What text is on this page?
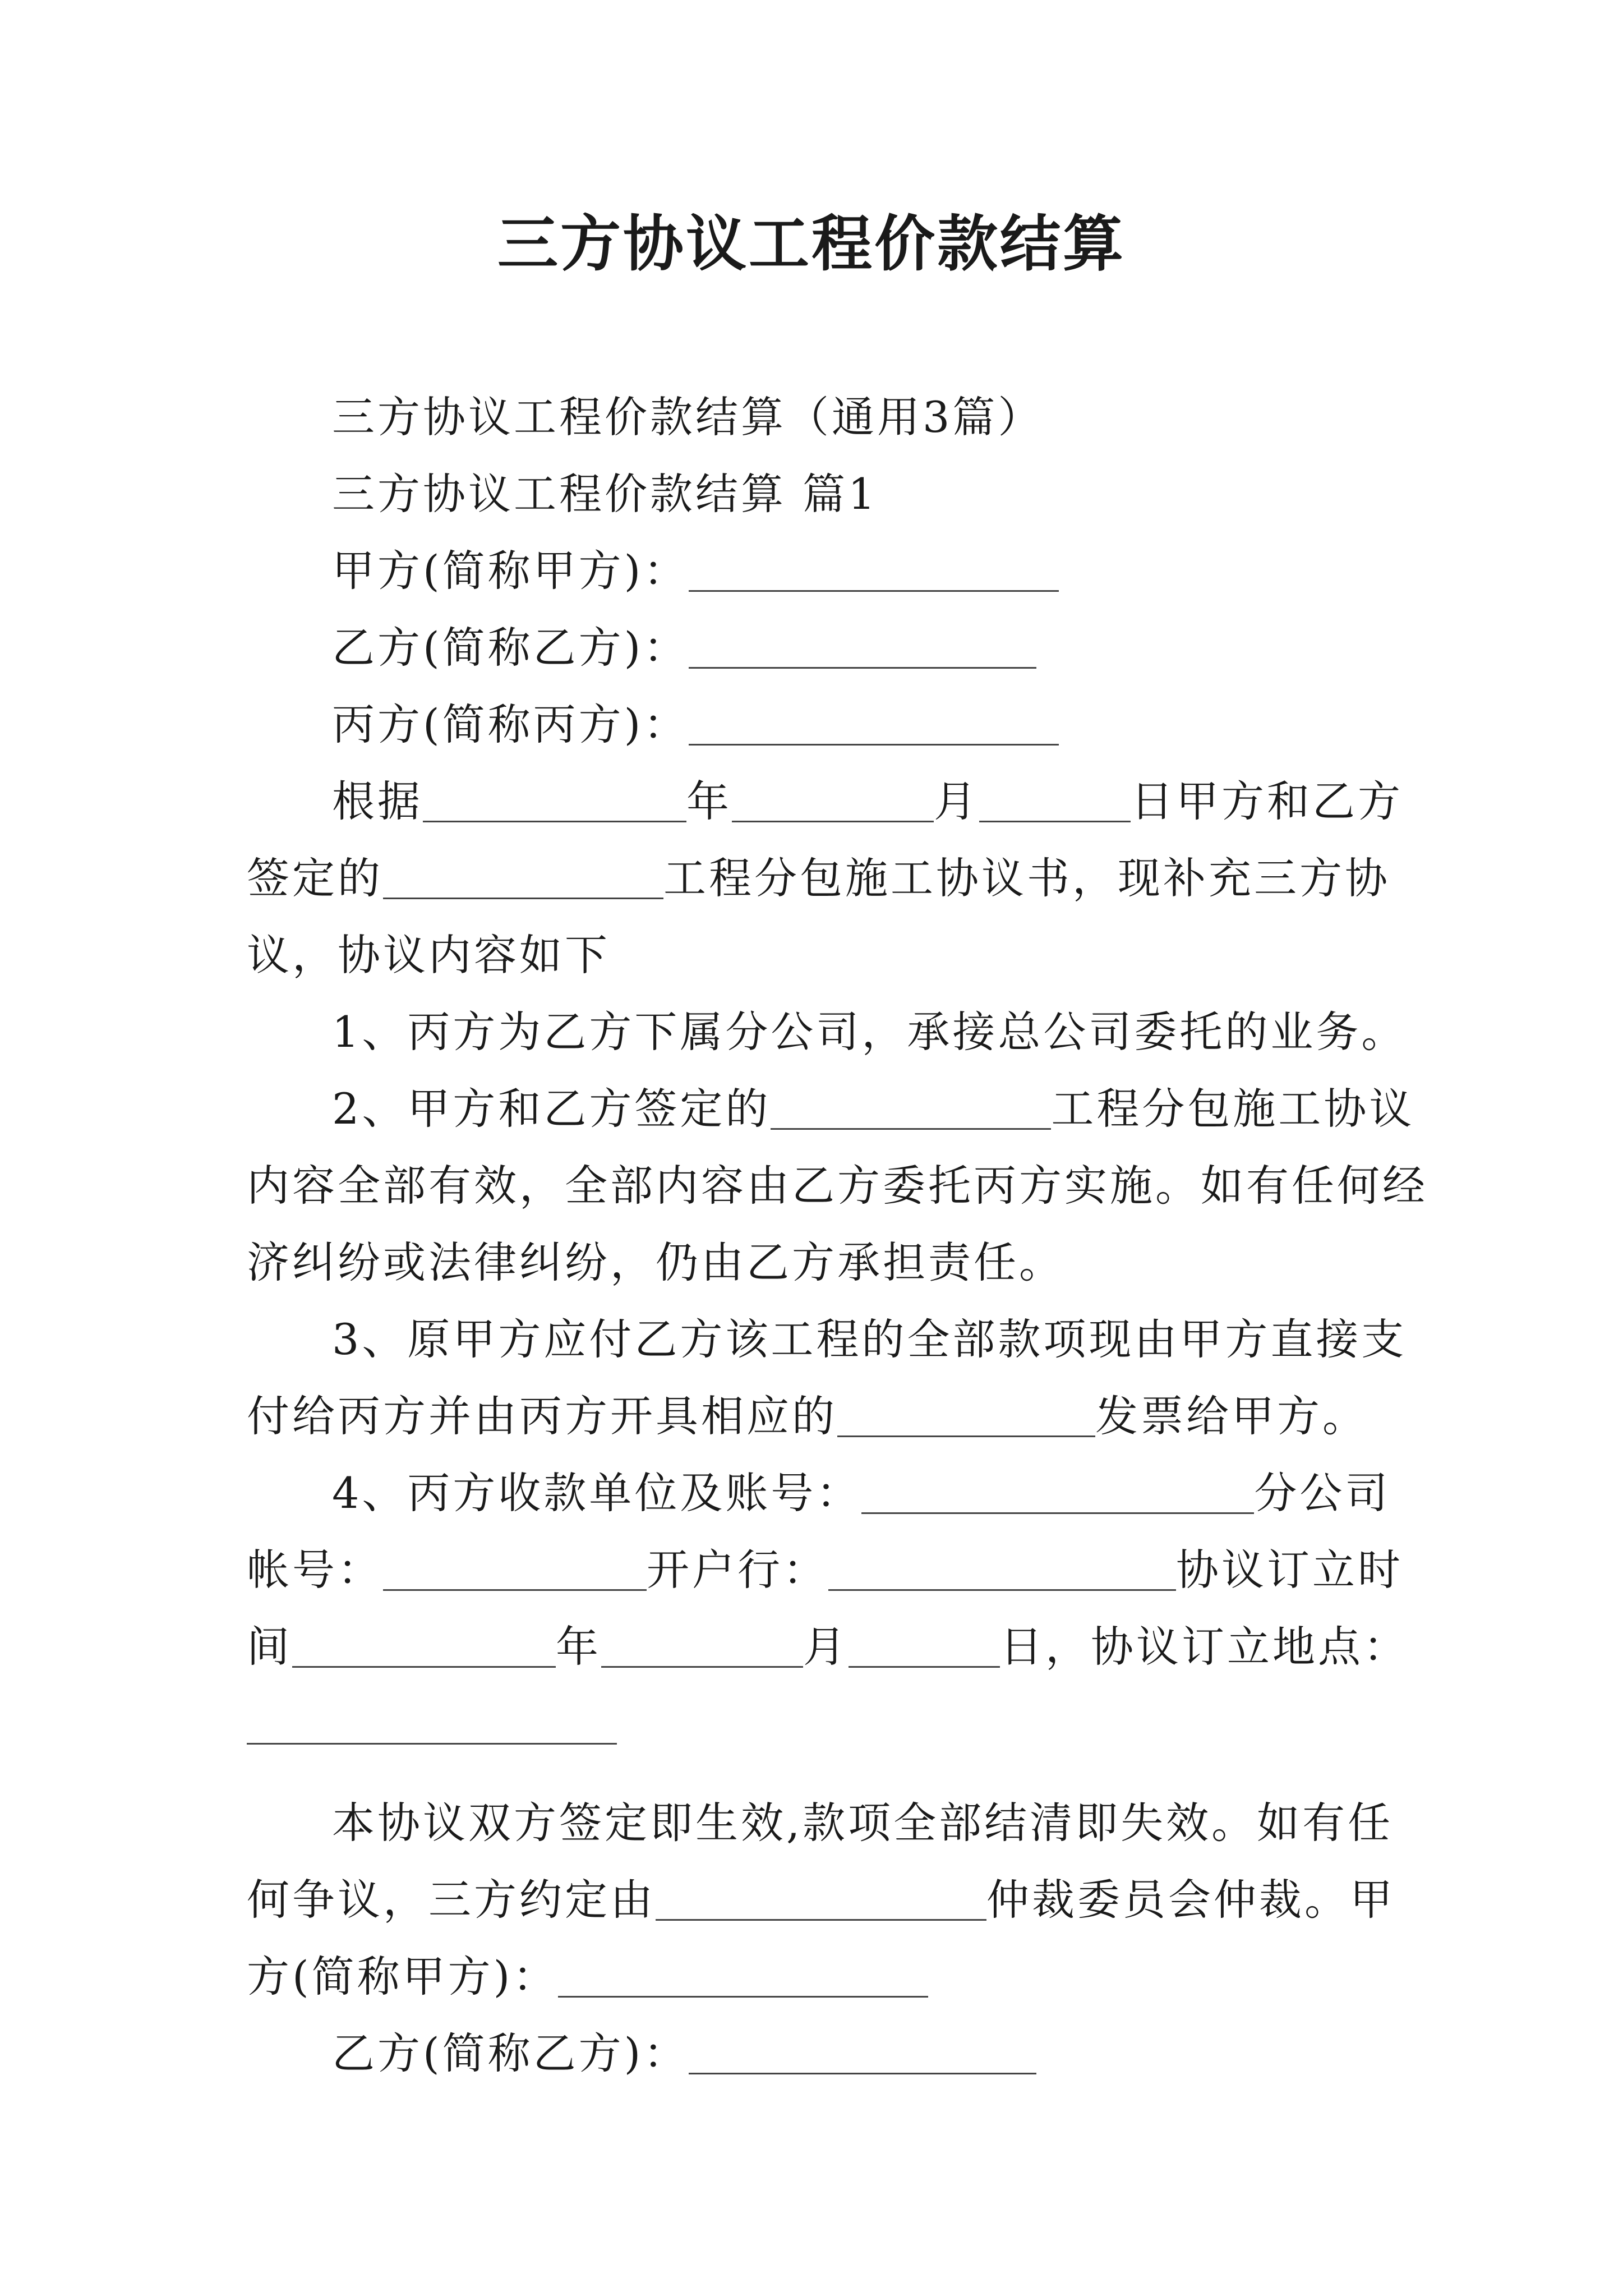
三方协议工程价款结算

三方协议工程价款结算（通用3篇）

三方协议工程价款结算 篇1

甲方(简称甲方)：

乙方(简称乙方)：

丙方(简称丙方)：

根据	年	月	日甲方和乙方

签定的	工程分包施工协议书，现补充三方协

议，协议内容如下

1、丙方为乙方下属分公司，承接总公司委托的业务。

2、甲方和乙方签定的	工程分包施工协议

内容全部有效，全部内容由乙方委托丙方实施。如有任何经

济纠纷或法律纠纷，仍由乙方承担责任。

3、原甲方应付乙方该工程的全部款项现由甲方直接支

付给丙方并由丙方开具相应的	发票给甲方。

4、丙方收款单位及账号：	分公司

帐号：	开户行：	协议订立时

间	年	月	日，协议订立地点：

本协议双方签定即生效,款项全部结清即失效。如有任

何争议，三方约定由	仲裁委员会仲裁。甲

方(简称甲方)：

乙方(简称乙方)：
